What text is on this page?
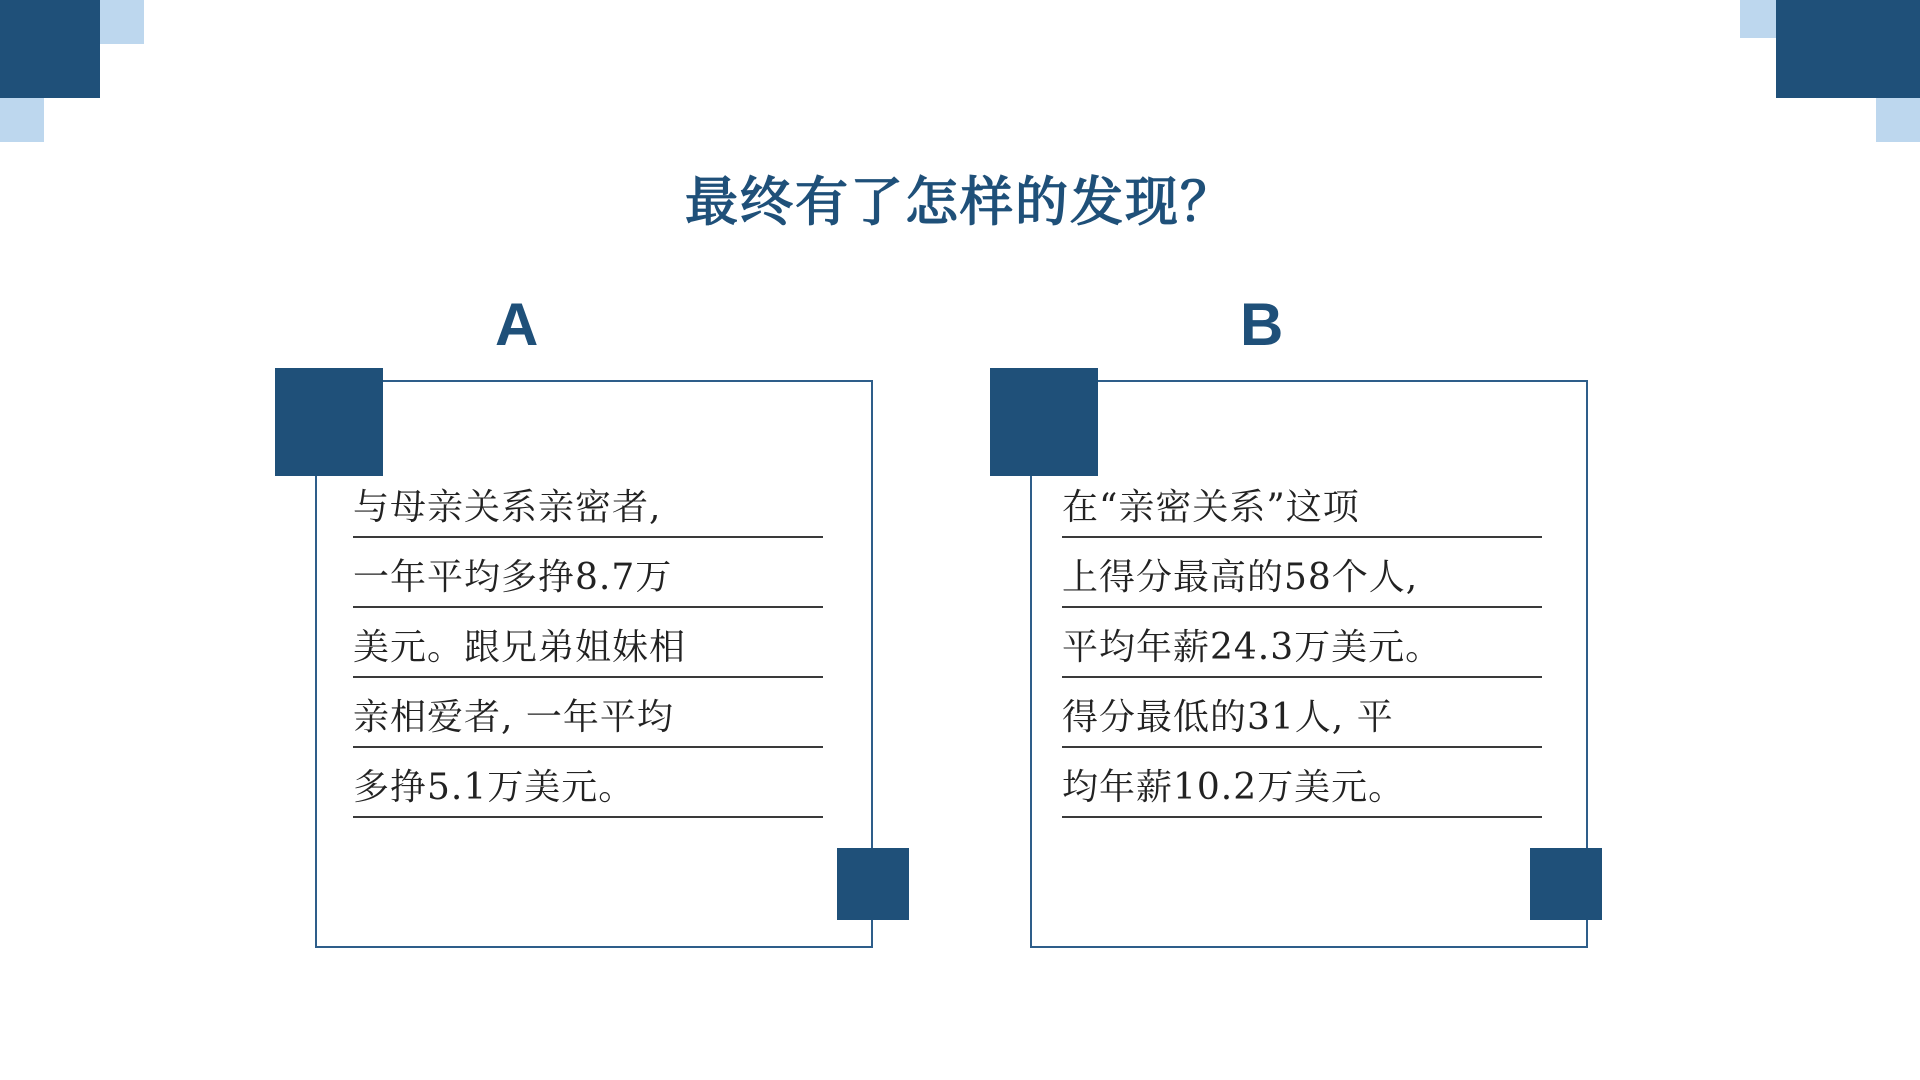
最终有了怎样的发现？
A
与母亲关系亲密者,
一年平均多挣8.7万
美元。跟兄弟姐妹相
亲相爱者, 一年平均
多挣5.1万美元。
B
在“亲密关系”这项
上得分最高的58个人,
平均年薪24.3万美元。
得分最低的31人, 平
均年薪10.2万美元。
